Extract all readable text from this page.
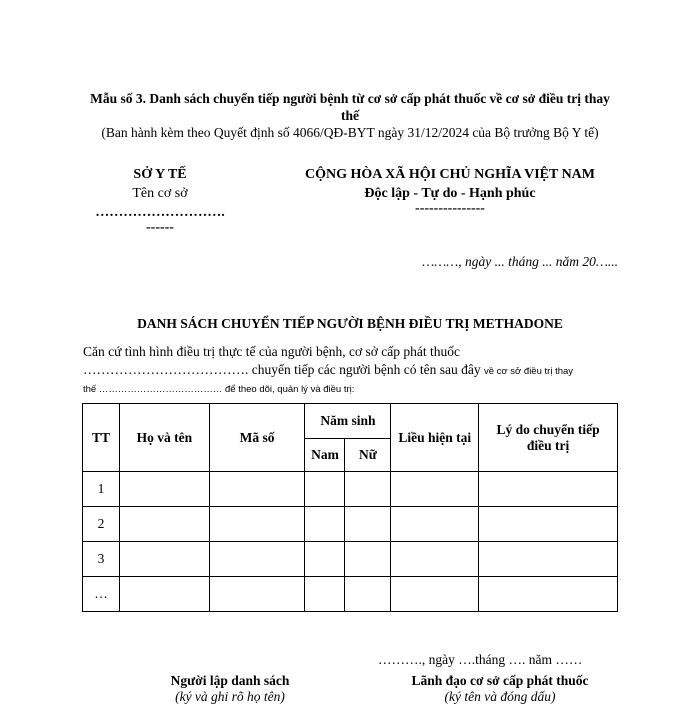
Mẫu số 3. Danh sách chuyển tiếp người bệnh từ cơ sở cấp phát thuốc về cơ sở điều trị thay thế
(Ban hành kèm theo Quyết định số 4066/QĐ-BYT ngày 31/12/2024 của Bộ trưởng Bộ Y tế)
SỞ Y TẾ
Tên cơ sở
……………………….
------
CỘNG HÒA XÃ HỘI CHỦ NGHĨA VIỆT NAM
Độc lập - Tự do - Hạnh phúc
---------------
………, ngày ... tháng ... năm 20…...
DANH SÁCH CHUYỂN TIẾP NGƯỜI BỆNH ĐIỀU TRỊ METHADONE
Căn cứ tình hình điều trị thực tế của người bệnh, cơ sở cấp phát thuốc
………………………………. chuyển tiếp các người bệnh có tên sau đây về cơ sở điều trị thay
thế ………………………………… để theo dõi, quản lý và điều trị:
TT	Họ và tên	Mã số	Năm sinh		Liều hiện tại	Lý do chuyển tiếp điều trị
			Nam	Nữ		
1						
2						
3						
…						
………., ngày ….tháng …. năm ……
Người lập danh sách
(ký và ghi rõ họ tên)
Lãnh đạo cơ sở cấp phát thuốc
(ký tên và đóng dấu)
